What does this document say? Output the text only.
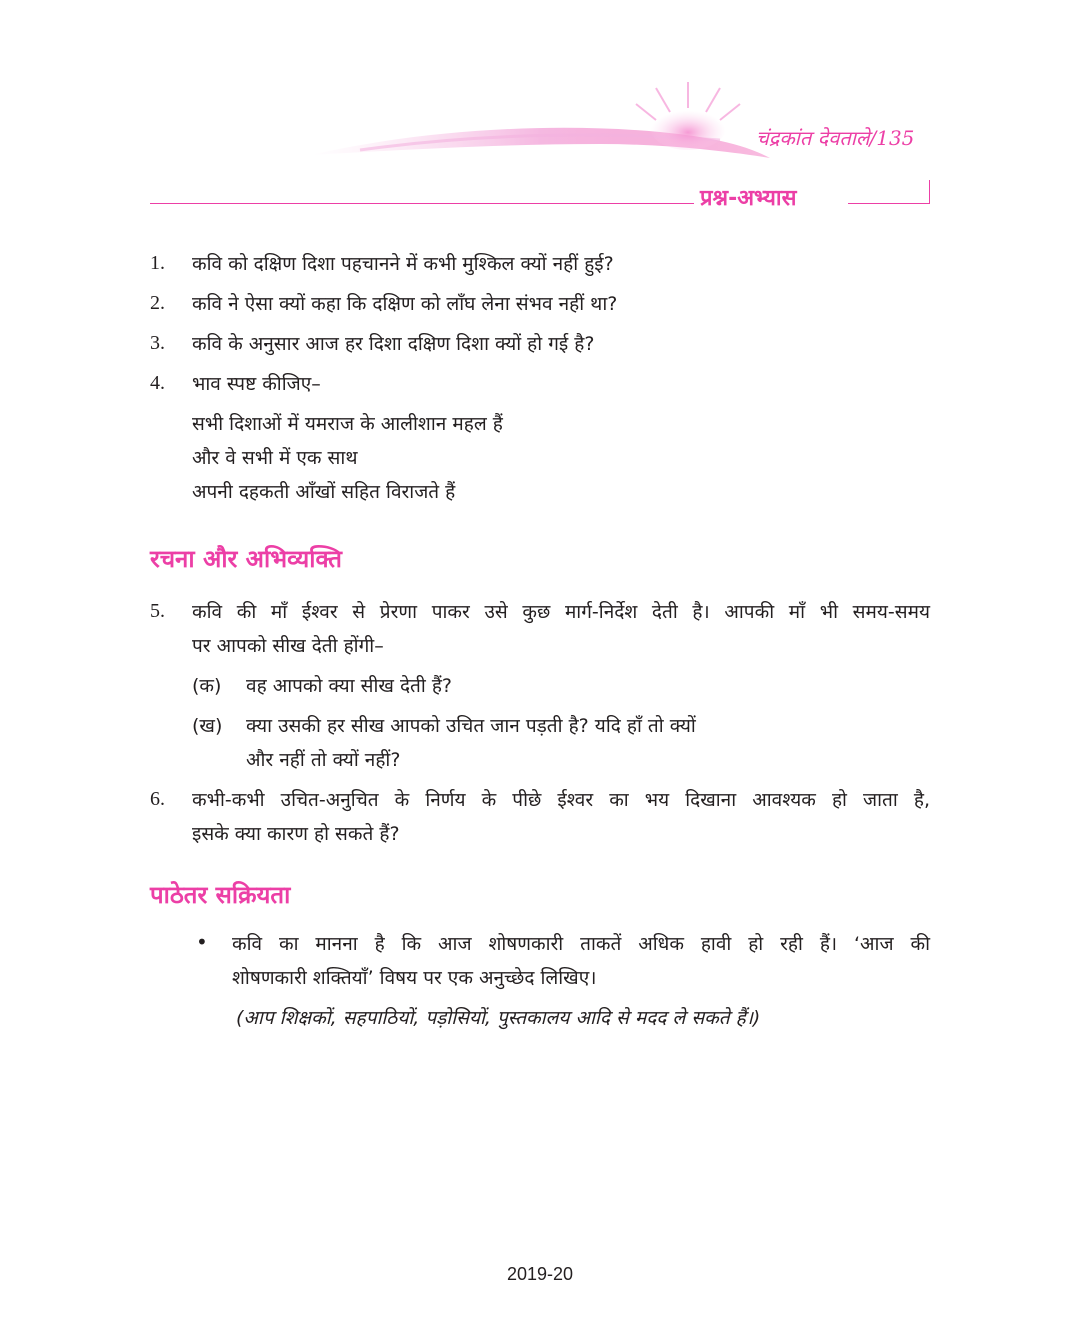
चंद्रकांत देवताले/135
प्रश्न-अभ्यास
1. कवि को दक्षिण दिशा पहचानने में कभी मुश्किल क्यों नहीं हुई?
2. कवि ने ऐसा क्यों कहा कि दक्षिण को लाँघ लेना संभव नहीं था?
3. कवि के अनुसार आज हर दिशा दक्षिण दिशा क्यों हो गई है?
4. भाव स्पष्ट कीजिए–
सभी दिशाओं में यमराज के आलीशान महल हैं
और वे सभी में एक साथ
अपनी दहकती आँखों सहित विराजते हैं
रचना और अभिव्यक्ति
5. कवि की माँ ईश्वर से प्रेरणा पाकर उसे कुछ मार्ग-निर्देश देती है। आपकी माँ भी समय-समय
पर आपको सीख देती होंगी–
(क) वह आपको क्या सीख देती हैं?
(ख) क्या उसकी हर सीख आपको उचित जान पड़ती है? यदि हाँ तो क्यों
और नहीं तो क्यों नहीं?
6. कभी-कभी उचित-अनुचित के निर्णय के पीछे ईश्वर का भय दिखाना आवश्यक हो जाता है,
इसके क्या कारण हो सकते हैं?
पाठेतर सक्रियता
• कवि का मानना है कि आज शोषणकारी ताकतें अधिक हावी हो रही हैं। ‘आज की
शोषणकारी शक्तियाँ’ विषय पर एक अनुच्छेद लिखिए।
(आप शिक्षकों, सहपाठियों, पड़ोसियों, पुस्तकालय आदि से मदद ले सकते हैं।)
2019-20
